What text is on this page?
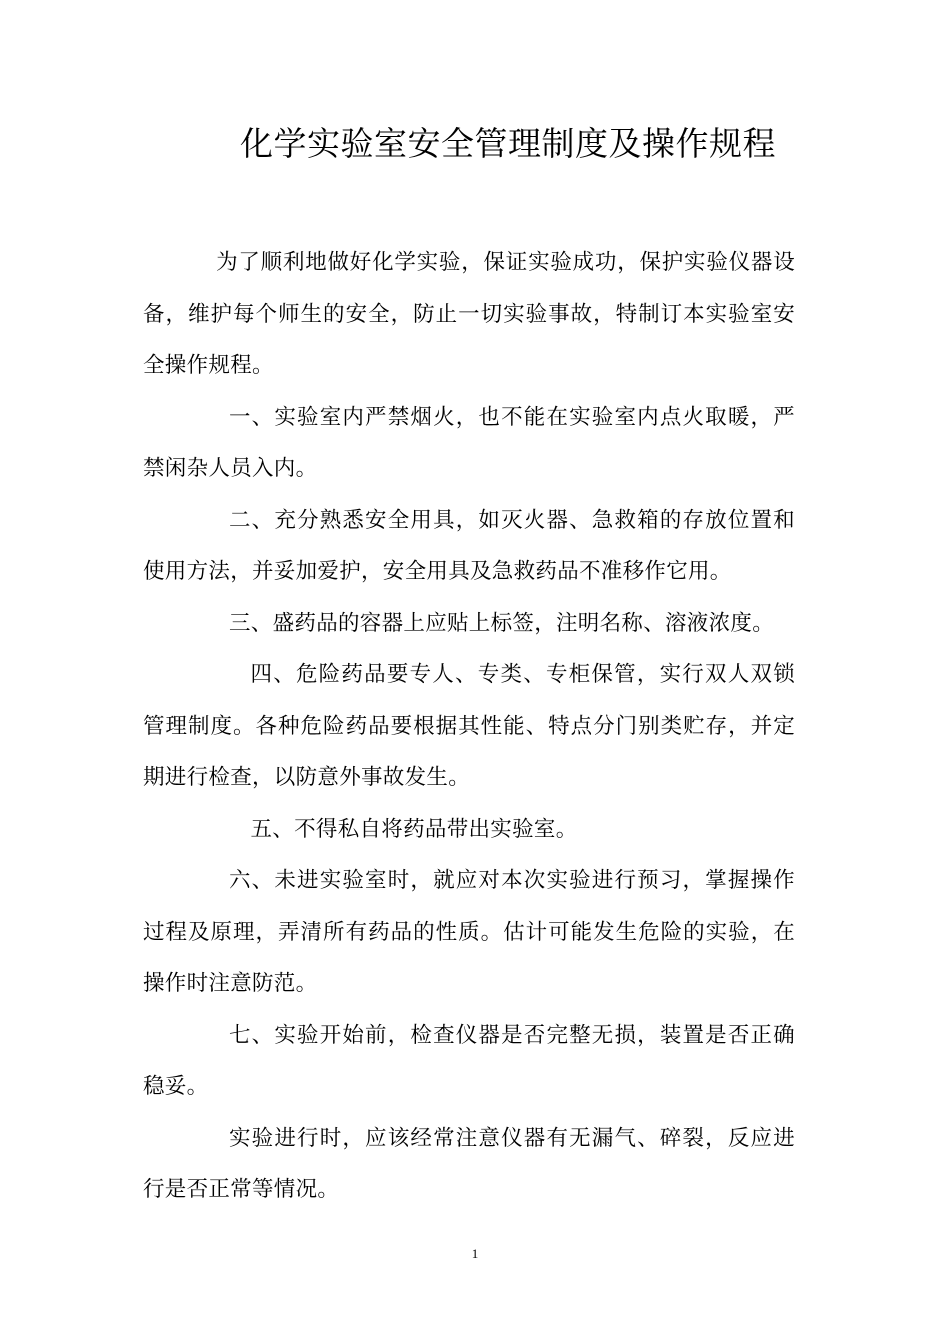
化学实验室安全管理制度及操作规程

为了顺利地做好化学实验，保证实验成功，保护实验仪器设备，维护每个师生的安全，防止一切实验事故，特制订本实验室安全操作规程。

一、实验室内严禁烟火，也不能在实验室内点火取暖，严禁闲杂人员入内。

二、充分熟悉安全用具，如灭火器、急救箱的存放位置和使用方法，并妥加爱护，安全用具及急救药品不准移作它用。

三、盛药品的容器上应贴上标签，注明名称、溶液浓度。

四、危险药品要专人、专类、专柜保管，实行双人双锁管理制度。各种危险药品要根据其性能、特点分门别类贮存，并定期进行检查，以防意外事故发生。

五、不得私自将药品带出实验室。

六、未进实验室时，就应对本次实验进行预习，掌握操作过程及原理，弄清所有药品的性质。估计可能发生危险的实验，在操作时注意防范。

七、实验开始前，检查仪器是否完整无损，装置是否正确稳妥。

实验进行时，应该经常注意仪器有无漏气、碎裂，反应进行是否正常等情况。

1
